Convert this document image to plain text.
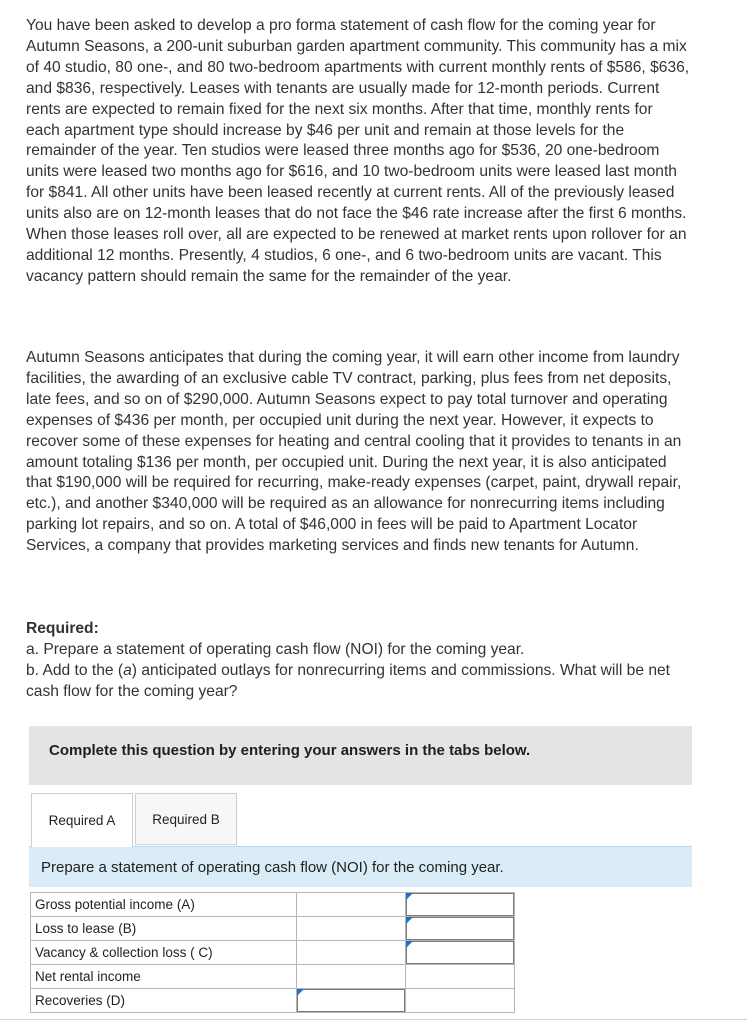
You have been asked to develop a pro forma statement of cash flow for the coming year for Autumn Seasons, a 200-unit suburban garden apartment community. This community has a mix of 40 studio, 80 one-, and 80 two-bedroom apartments with current monthly rents of $586, $636, and $836, respectively. Leases with tenants are usually made for 12-month periods. Current rents are expected to remain fixed for the next six months. After that time, monthly rents for each apartment type should increase by $46 per unit and remain at those levels for the remainder of the year. Ten studios were leased three months ago for $536, 20 one-bedroom units were leased two months ago for $616, and 10 two-bedroom units were leased last month for $841. All other units have been leased recently at current rents. All of the previously leased units also are on 12-month leases that do not face the $46 rate increase after the first 6 months. When those leases roll over, all are expected to be renewed at market rents upon rollover for an additional 12 months. Presently, 4 studios, 6 one-, and 6 two-bedroom units are vacant. This vacancy pattern should remain the same for the remainder of the year.

Autumn Seasons anticipates that during the coming year, it will earn other income from laundry facilities, the awarding of an exclusive cable TV contract, parking, plus fees from net deposits, late fees, and so on of $290,000. Autumn Seasons expect to pay total turnover and operating expenses of $436 per month, per occupied unit during the next year. However, it expects to recover some of these expenses for heating and central cooling that it provides to tenants in an amount totaling $136 per month, per occupied unit. During the next year, it is also anticipated that $190,000 will be required for recurring, make-ready expenses (carpet, paint, drywall repair, etc.), and another $340,000 will be required as an allowance for nonrecurring items including parking lot repairs, and so on. A total of $46,000 in fees will be paid to Apartment Locator Services, a company that provides marketing services and finds new tenants for Autumn.

Required:

a. Prepare a statement of operating cash flow (NOI) for the coming year.

b. Add to the (a) anticipated outlays for nonrecurring items and commissions. What will be net cash flow for the coming year?

Complete this question by entering your answers in the tabs below.
Required A	Required B
Prepare a statement of operating cash flow (NOI) for the coming year.
Gross potential income (A)		

Loss to lease (B)		

Vacancy & collection loss ( C)		

Net rental income		
Recoveries (D)	
